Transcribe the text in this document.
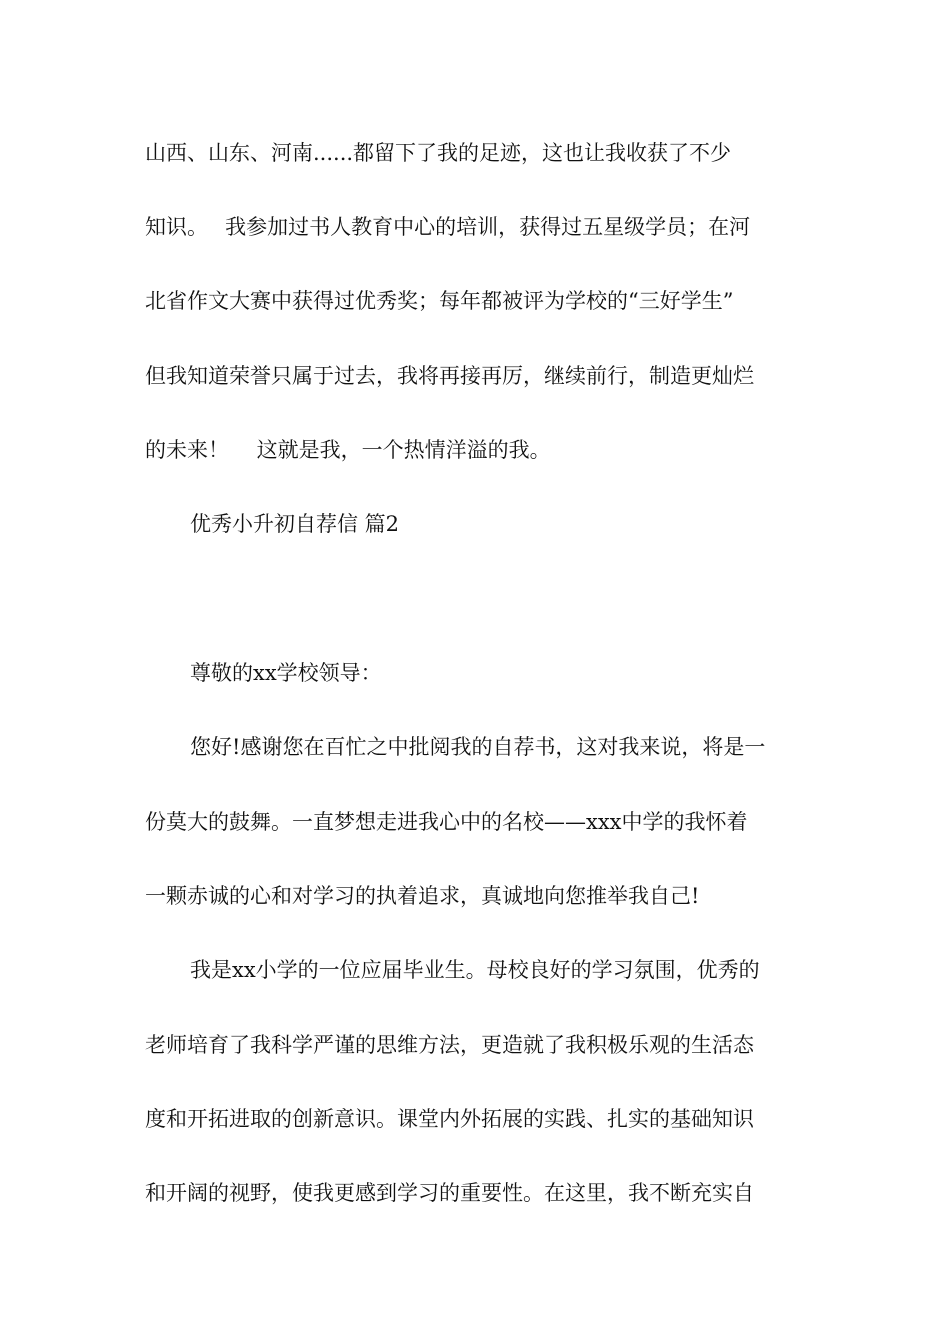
山西、山东、河南......都留下了我的足迹，这也让我收获了不少
知识。　 我参加过书人教育中心的培训，获得过五星级学员；在河
北省作文大赛中获得过优秀奖；每年都被评为学校的“三好学生”
但我知道荣誉只属于过去，我将再接再厉，继续前行，制造更灿烂
的未来！　 这就是我，一个热情洋溢的我。
优秀小升初自荐信 篇2
尊敬的xx学校领导：
您好!感谢您在百忙之中批阅我的自荐书，这对我来说，将是一
份莫大的鼓舞。一直梦想走进我心中的名校——xxx中学的我怀着
一颗赤诚的心和对学习的执着追求，真诚地向您推举我自己!
我是xx小学的一位应届毕业生。母校良好的学习氛围，优秀的
老师培育了我科学严谨的思维方法，更造就了我积极乐观的生活态
度和开拓进取的创新意识。课堂内外拓展的实践、扎实的基础知识
和开阔的视野，使我更感到学习的重要性。在这里，我不断充实自
